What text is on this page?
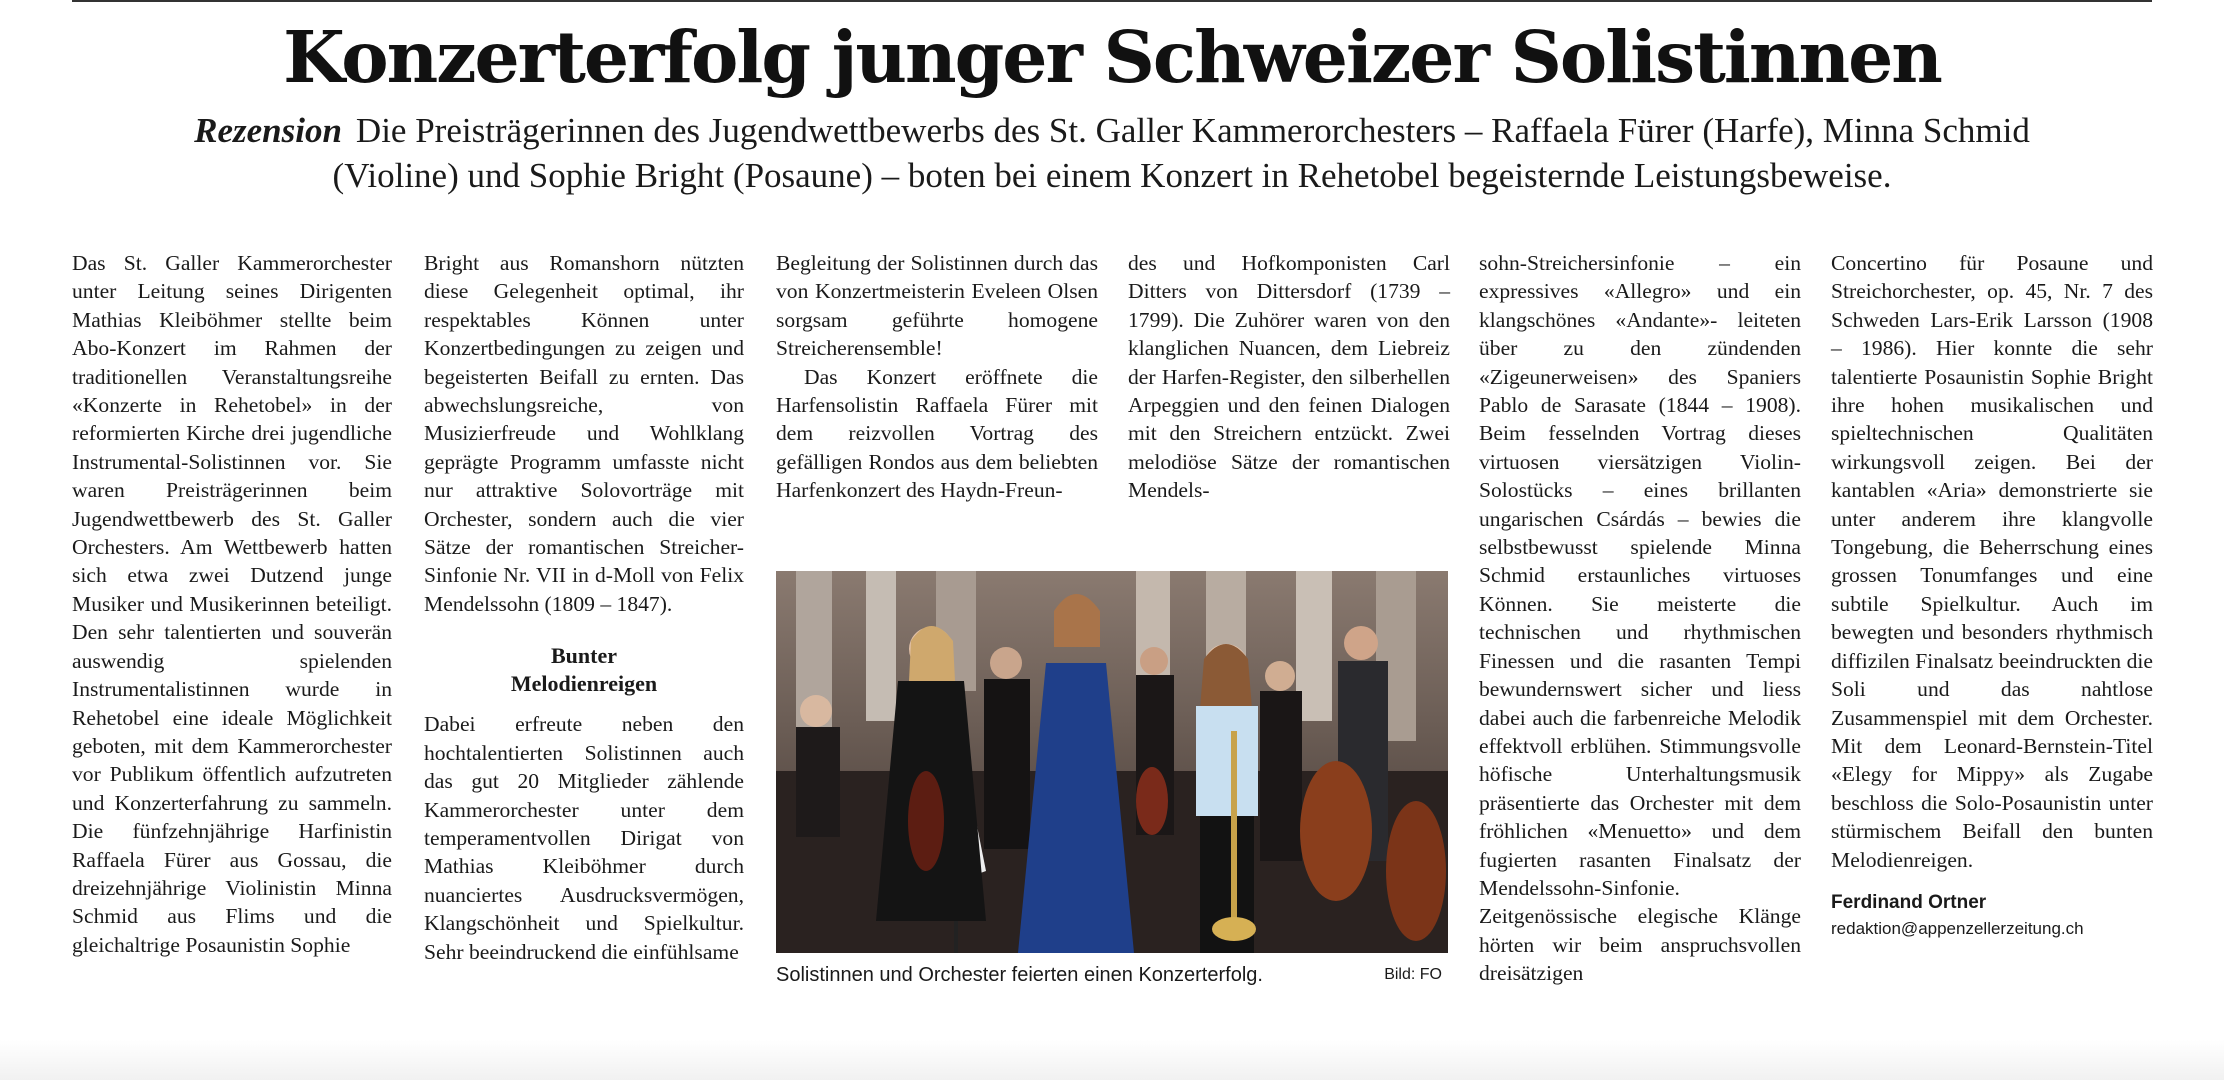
Konzerterfolg junger Schweizer Solistinnen

Rezension Die Preisträgerinnen des Jugendwettbewerbs des St. Galler Kammerorchesters – Raffaela Fürer (Harfe), Minna Schmid (Violine) und Sophie Bright (Posaune) – boten bei einem Konzert in Rehetobel begeisternde Leistungsbeweise.

Das St. Galler Kammerorchester unter Leitung seines Dirigenten Mathias Kleiböhmer stellte beim Abo-Konzert im Rahmen der traditionellen Veranstaltungsreihe «Konzerte in Rehetobel» in der reformierten Kirche drei jugendliche Instrumental-Solistinnen vor. Sie waren Preisträgerinnen beim Jugendwettbewerb des St. Galler Orchesters. Am Wettbewerb hatten sich etwa zwei Dutzend junge Musiker und Musikerinnen beteiligt. Den sehr talentierten und souverän auswendig spielenden Instrumentalistinnen wurde in Rehetobel eine ideale Möglichkeit geboten, mit dem Kammerorchester vor Publikum öffentlich aufzutreten und Konzerterfahrung zu sammeln. Die fünfzehnjährige Harfinistin Raffaela Fürer aus Gossau, die dreizehnjährige Violinistin Minna Schmid aus Flims und die gleichaltrige Posaunistin Sophie

Bright aus Romanshorn nützten diese Gelegenheit optimal, ihr respektables Können unter Konzertbedingungen zu zeigen und begeisterten Beifall zu ernten. Das abwechslungsreiche, von Musizierfreude und Wohlklang geprägte Programm umfasste nicht nur attraktive Solovorträge mit Orchester, sondern auch die vier Sätze der romantischen Streicher-Sinfonie Nr. VII in d-Moll von Felix Mendelssohn (1809 – 1847).

Bunter
Melodienreigen

Dabei erfreute neben den hochtalentierten Solistinnen auch das gut 20 Mitglieder zählende Kammerorchester unter dem temperamentvollen Dirigat von Mathias Kleiböhmer durch nuanciertes Ausdrucksvermögen, Klangschönheit und Spielkultur. Sehr beeindruckend die einfühlsame

Begleitung der Solistinnen durch das von Konzertmeisterin Eveleen Olsen sorgsam geführte homogene Streicherensemble!

Das Konzert eröffnete die Harfensolistin Raffaela Fürer mit dem reizvollen Vortrag des gefälligen Rondos aus dem beliebten Harfenkonzert des Haydn-Freun-

des und Hofkomponisten Carl Ditters von Dittersdorf (1739 – 1799). Die Zuhörer waren von den klanglichen Nuancen, dem Liebreiz der Harfen-Register, den silberhellen Arpeggien und den feinen Dialogen mit den Streichern entzückt. Zwei melodiöse Sätze der romantischen Mendels-

sohn-Streichersinfonie – ein expressives «Allegro» und ein klangschönes «Andante»- leiteten über zu den zündenden «Zigeunerweisen» des Spaniers Pablo de Sarasate (1844 – 1908). Beim fesselnden Vortrag dieses virtuosen viersätzigen Violin-Solostücks – eines brillanten ungarischen Csárdás – bewies die selbstbewusst spielende Minna Schmid erstaunliches virtuoses Können. Sie meisterte die technischen und rhythmischen Finessen und die rasanten Tempi bewundernswert sicher und liess dabei auch die farbenreiche Melodik effektvoll erblühen. Stimmungsvolle höfische Unterhaltungsmusik präsentierte das Orchester mit dem fröhlichen «Menuetto» und dem fugierten rasanten Finalsatz der Mendelssohn-Sinfonie. Zeitgenössische elegische Klänge hörten wir beim anspruchsvollen dreisätzigen

Concertino für Posaune und Streichorchester, op. 45, Nr. 7 des Schweden Lars-Erik Larsson (1908 – 1986). Hier konnte die sehr talentierte Posaunistin Sophie Bright ihre hohen musikalischen und spieltechnischen Qualitäten wirkungsvoll zeigen. Bei der kantablen «Aria» demonstrierte sie unter anderem ihre klangvolle Tongebung, die Beherrschung eines grossen Tonumfanges und eine subtile Spielkultur. Auch im bewegten und besonders rhythmisch diffizilen Finalsatz beeindruckten die Soli und das nahtlose Zusammenspiel mit dem Orchester. Mit dem Leonard-Bernstein-Titel «Elegy for Mippy» als Zugabe beschloss die Solo-Posaunistin unter stürmischem Beifall den bunten Melodienreigen.

Ferdinand Ortner

redaktion@appenzellerzeitung.ch

Solistinnen und Orchester feierten einen Konzerterfolg.	Bild: FO
